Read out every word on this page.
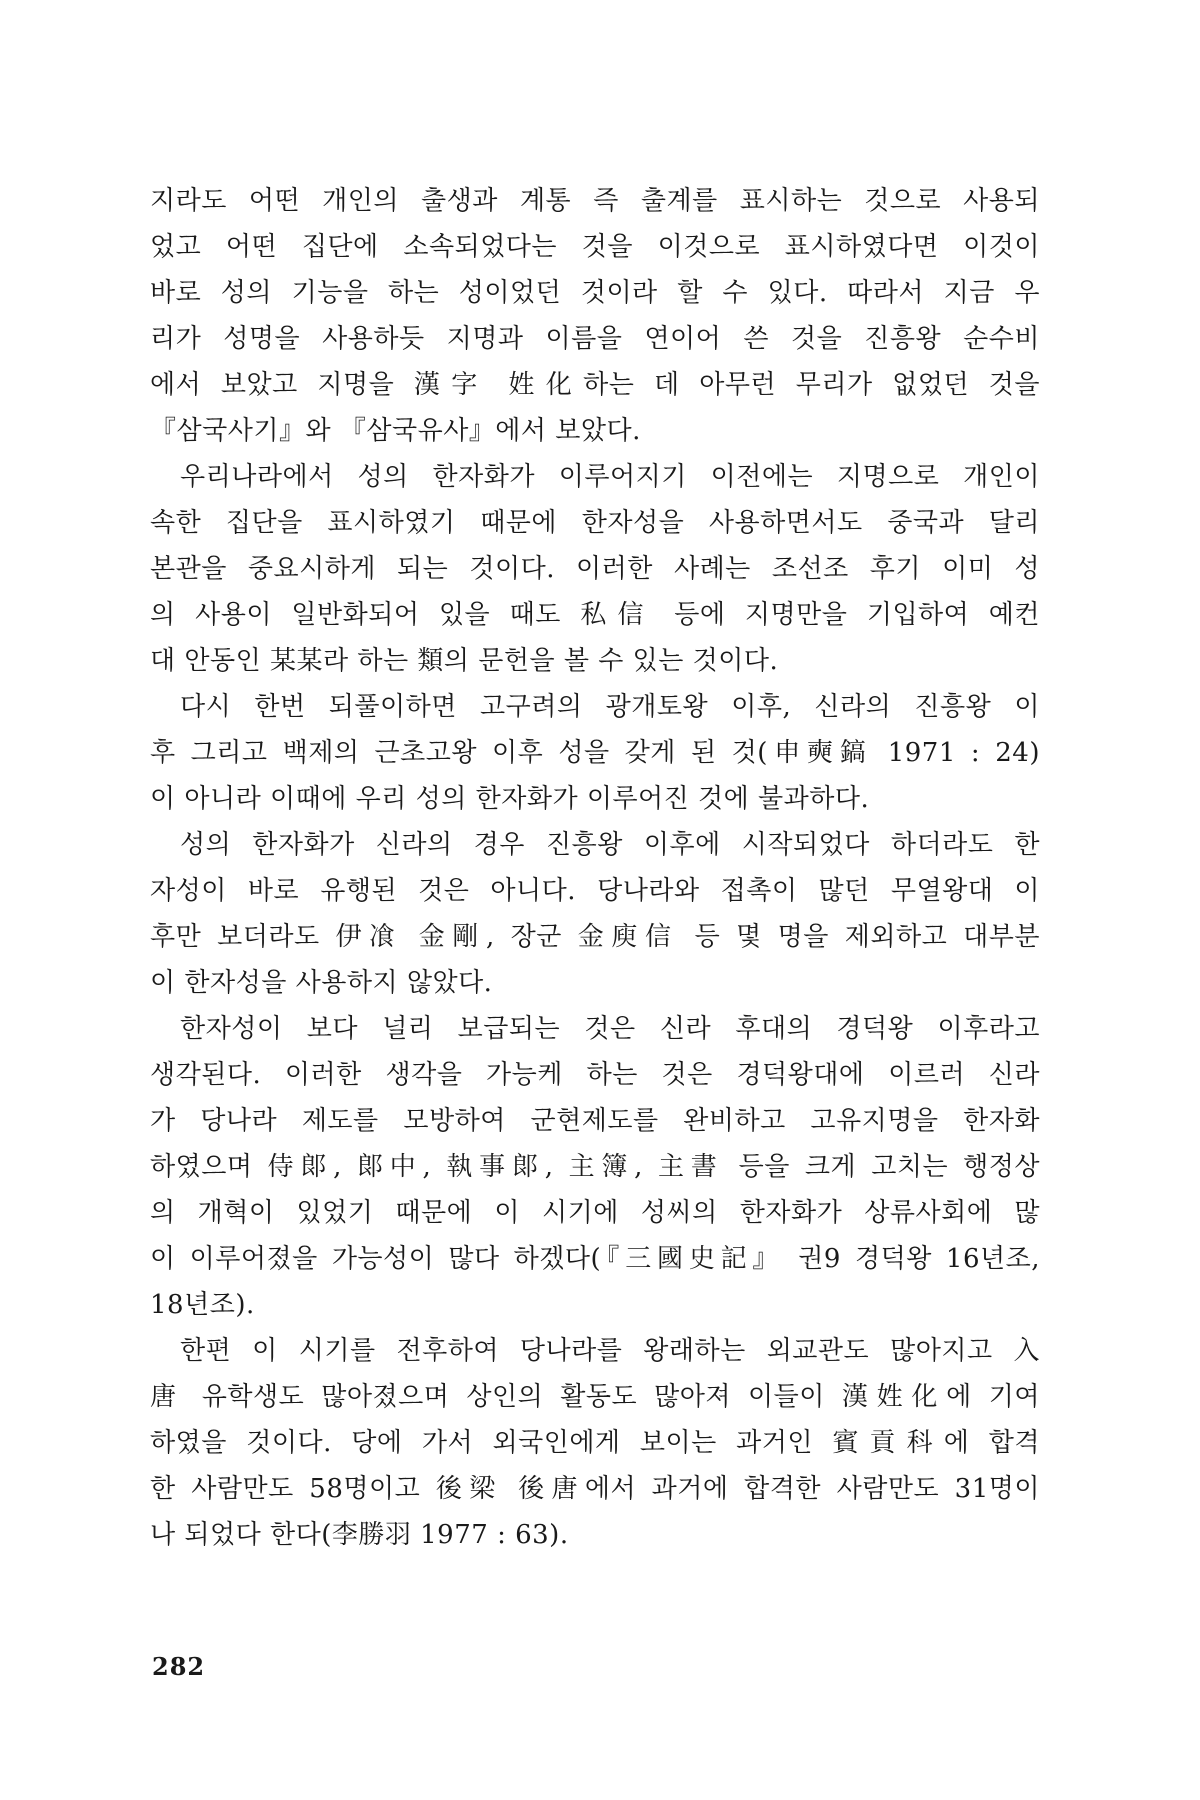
지라도 어떤 개인의 출생과 계통 즉 출계를 표시하는 것으로 사용되
었고 어떤 집단에 소속되었다는 것을 이것으로 표시하였다면 이것이
바로 성의 기능을 하는 성이었던 것이라 할 수 있다. 따라서 지금 우
리가 성명을 사용하듯 지명과 이름을 연이어 쓴 것을 진흥왕 순수비
에서 보았고 지명을 漢字 姓化하는 데 아무런 무리가 없었던 것을
『삼국사기』와 『삼국유사』에서 보았다.
우리나라에서 성의 한자화가 이루어지기 이전에는 지명으로 개인이
속한 집단을 표시하였기 때문에 한자성을 사용하면서도 중국과 달리
본관을 중요시하게 되는 것이다. 이러한 사례는 조선조 후기 이미 성
의 사용이 일반화되어 있을 때도 私信 등에 지명만을 기입하여 예컨
대 안동인 某某라 하는 類의 문헌을 볼 수 있는 것이다.
다시 한번 되풀이하면 고구려의 광개토왕 이후, 신라의 진흥왕 이
후 그리고 백제의 근초고왕 이후 성을 갖게 된 것(申奭鎬 1971 : 24)
이 아니라 이때에 우리 성의 한자화가 이루어진 것에 불과하다.
성의 한자화가 신라의 경우 진흥왕 이후에 시작되었다 하더라도 한
자성이 바로 유행된 것은 아니다. 당나라와 접촉이 많던 무열왕대 이
후만 보더라도 伊飡 金剛, 장군 金庾信 등 몇 명을 제외하고 대부분
이 한자성을 사용하지 않았다.
한자성이 보다 널리 보급되는 것은 신라 후대의 경덕왕 이후라고
생각된다. 이러한 생각을 가능케 하는 것은 경덕왕대에 이르러 신라
가 당나라 제도를 모방하여 군현제도를 완비하고 고유지명을 한자화
하였으며 侍郞, 郞中, 執事郞, 主簿, 主書 등을 크게 고치는 행정상
의 개혁이 있었기 때문에 이 시기에 성씨의 한자화가 상류사회에 많
이 이루어졌을 가능성이 많다 하겠다(『三國史記』 권9 경덕왕 16년조,
18년조).
한편 이 시기를 전후하여 당나라를 왕래하는 외교관도 많아지고 入
唐 유학생도 많아졌으며 상인의 활동도 많아져 이들이 漢姓化에 기여
하였을 것이다. 당에 가서 외국인에게 보이는 과거인 賓貢科에 합격
한 사람만도 58명이고 後梁 後唐에서 과거에 합격한 사람만도 31명이
나 되었다 한다(李勝羽 1977 : 63).
282
